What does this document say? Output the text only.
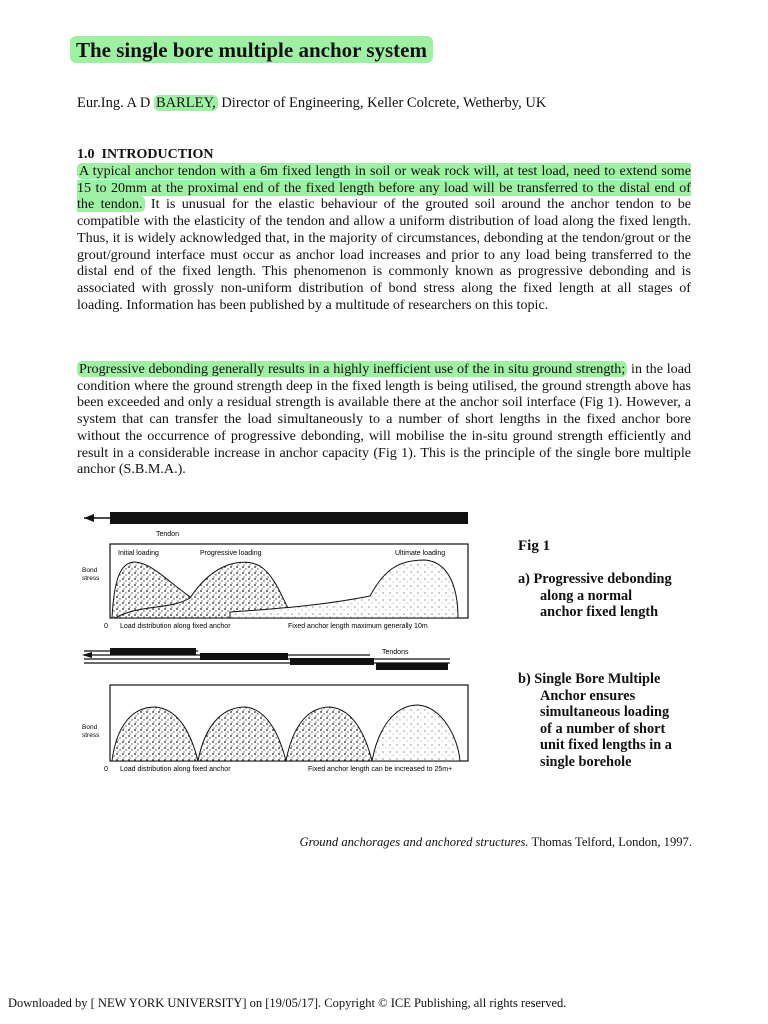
The single bore multiple anchor system
Eur.Ing. A D BARLEY, Director of Engineering, Keller Colcrete, Wetherby, UK
1.0 INTRODUCTION
A typical anchor tendon with a 6m fixed length in soil or weak rock will, at test load, need to extend some 15 to 20mm at the proximal end of the fixed length before any load will be transferred to the distal end of the tendon. It is unusual for the elastic behaviour of the grouted soil around the anchor tendon to be compatible with the elasticity of the tendon and allow a uniform distribution of load along the fixed length. Thus, it is widely acknowledged that, in the majority of circumstances, debonding at the tendon/grout or the grout/ground interface must occur as anchor load increases and prior to any load being transferred to the distal end of the fixed length. This phenomenon is commonly known as progressive debonding and is associated with grossly non-uniform distribution of bond stress along the fixed length at all stages of loading. Information has been published by a multitude of researchers on this topic.
Progressive debonding generally results in a highly inefficient use of the in situ ground strength; in the load condition where the ground strength deep in the fixed length is being utilised, the ground strength above has been exceeded and only a residual strength is available there at the anchor soil interface (Fig 1). However, a system that can transfer the load simultaneously to a number of short lengths in the fixed anchor bore without the occurrence of progressive debonding, will mobilise the in-situ ground strength efficiently and result in a considerable increase in anchor capacity (Fig 1). This is the principle of the single bore multiple anchor (S.B.M.A.).
Tendon
Initial loading	Progressive loading	Ultimate loading
Bond
stress
0 Load distribution along fixed anchor	Fixed anchor length maximum generally 10m
Tendons
Bond
stress
0 Load distribution along fixed anchor	Fixed anchor length can be increased to 25m+
Fig 1
a) Progressive debonding
along a normal
anchor fixed length
b) Single Bore Multiple
Anchor ensures
simultaneous loading
of a number of short
unit fixed lengths in a
single borehole
Ground anchorages and anchored structures. Thomas Telford, London, 1997.
Downloaded by [ NEW YORK UNIVERSITY] on [19/05/17]. Copyright © ICE Publishing, all rights reserved.
